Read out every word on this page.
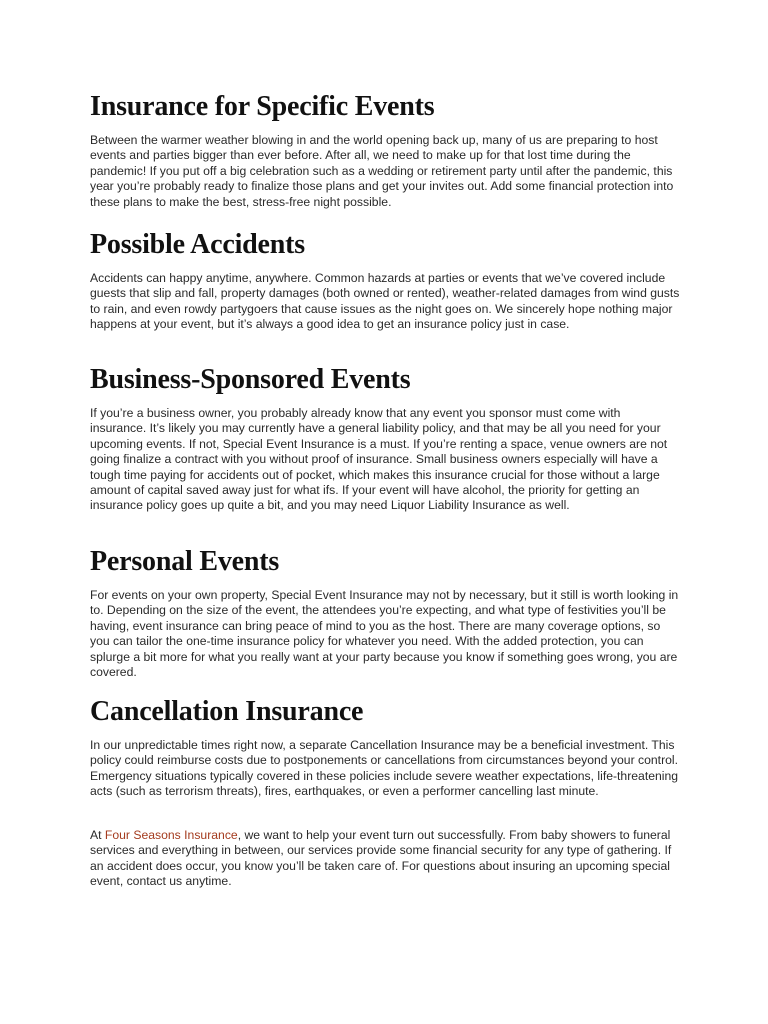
Insurance for Specific Events

Between the warmer weather blowing in and the world opening back up, many of us are preparing to host events and parties bigger than ever before. After all, we need to make up for that lost time during the pandemic! If you put off a big celebration such as a wedding or retirement party until after the pandemic, this year you’re probably ready to finalize those plans and get your invites out. Add some financial protection into these plans to make the best, stress-free night possible.

Possible Accidents

Accidents can happy anytime, anywhere. Common hazards at parties or events that we’ve covered include guests that slip and fall, property damages (both owned or rented), weather-related damages from wind gusts to rain, and even rowdy partygoers that cause issues as the night goes on. We sincerely hope nothing major happens at your event, but it’s always a good idea to get an insurance policy just in case.

Business-Sponsored Events

If you’re a business owner, you probably already know that any event you sponsor must come with insurance. It’s likely you may currently have a general liability policy, and that may be all you need for your upcoming events. If not, Special Event Insurance is a must. If you’re renting a space, venue owners are not going finalize a contract with you without proof of insurance. Small business owners especially will have a tough time paying for accidents out of pocket, which makes this insurance crucial for those without a large amount of capital saved away just for what ifs. If your event will have alcohol, the priority for getting an insurance policy goes up quite a bit, and you may need Liquor Liability Insurance as well.

Personal Events

For events on your own property, Special Event Insurance may not by necessary, but it still is worth looking in to. Depending on the size of the event, the attendees you’re expecting, and what type of festivities you’ll be having, event insurance can bring peace of mind to you as the host. There are many coverage options, so you can tailor the one-time insurance policy for whatever you need. With the added protection, you can splurge a bit more for what you really want at your party because you know if something goes wrong, you are covered.

Cancellation Insurance

In our unpredictable times right now, a separate Cancellation Insurance may be a beneficial investment. This policy could reimburse costs due to postponements or cancellations from circumstances beyond your control. Emergency situations typically covered in these policies include severe weather expectations, life-threatening acts (such as terrorism threats), fires, earthquakes, or even a performer cancelling last minute.

At Four Seasons Insurance, we want to help your event turn out successfully. From baby showers to funeral services and everything in between, our services provide some financial security for any type of gathering. If an accident does occur, you know you’ll be taken care of. For questions about insuring an upcoming special event, contact us anytime.
